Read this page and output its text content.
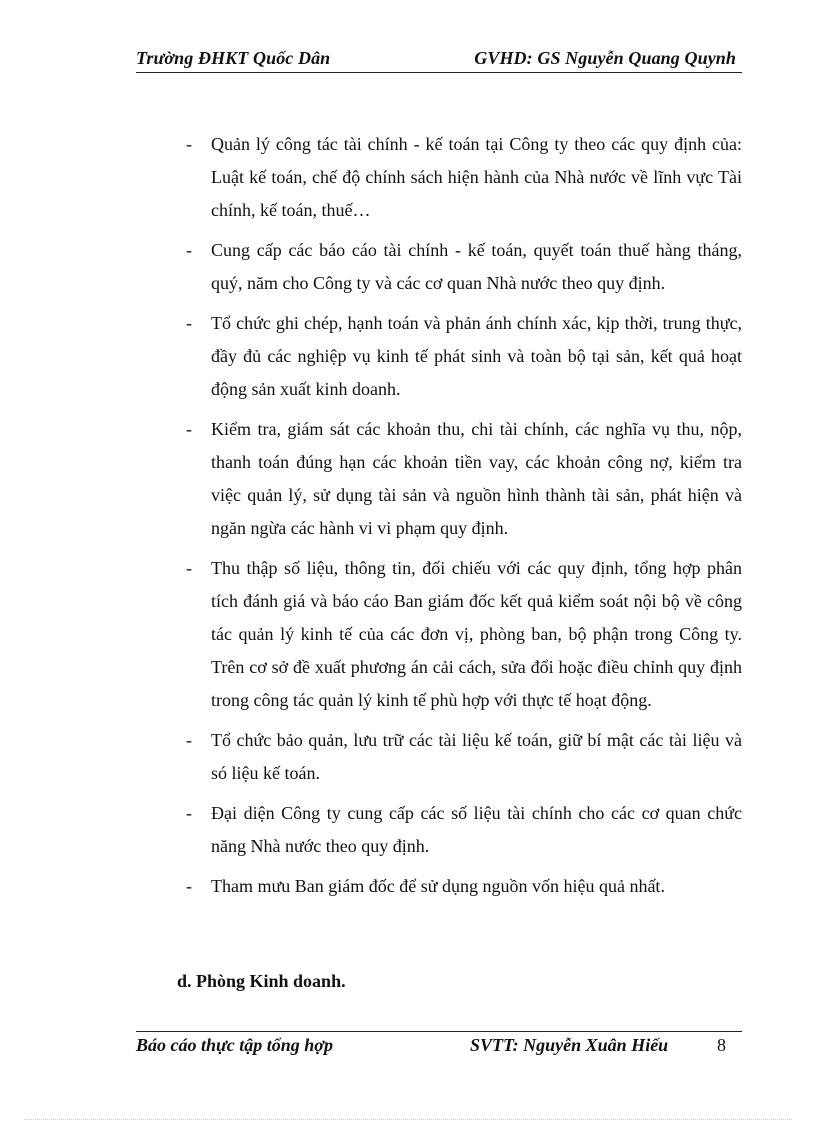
Trường ĐHKT Quốc Dân	GVHD: GS Nguyễn Quang Quynh
- Quản lý công tác tài chính - kế toán tại Công ty theo các quy định của: Luật kế toán, chế độ chính sách hiện hành của Nhà nước về lĩnh vực Tài chính, kế toán, thuế…
- Cung cấp các báo cáo tài chính - kế toán, quyết toán thuế hàng tháng, quý, năm cho Công ty và các cơ quan Nhà nước theo quy định.
- Tổ chức ghi chép, hạnh toán và phản ánh chính xác, kịp thời, trung thực, đầy đủ các nghiệp vụ kinh tế phát sinh và toàn bộ tại sản, kết quả hoạt động sản xuất kinh doanh.
- Kiểm tra, giám sát các khoản thu, chi tài chính, các nghĩa vụ thu, nộp, thanh toán đúng hạn các khoản tiền vay, các khoản công nợ, kiểm tra việc quản lý, sử dụng tài sản và nguồn hình thành tài sản, phát hiện và ngăn ngừa các hành vi vi phạm quy định.
- Thu thập số liệu, thông tin, đối chiếu với các quy định, tổng hợp phân tích đánh giá và báo cáo Ban giám đốc kết quả kiểm soát nội bộ về công tác quản lý kinh tế của các đơn vị, phòng ban, bộ phận trong Công ty. Trên cơ sở đề xuất phương án cải cách, sửa đổi hoặc điều chỉnh quy định trong công tác quản lý kinh tế phù hợp với thực tế hoạt động.
- Tổ chức bảo quản, lưu trữ các tài liệu kế toán, giữ bí mật các tài liệu và só liệu kế toán.
- Đại diện Công ty cung cấp các số liệu tài chính cho các cơ quan chức năng Nhà nước theo quy định.
- Tham mưu Ban giám đốc để sử dụng nguồn vốn hiệu quả nhất.
d. Phòng Kinh doanh.
Báo cáo thực tập tổng hợp	SVTT: Nguyễn Xuân Hiếu	8
